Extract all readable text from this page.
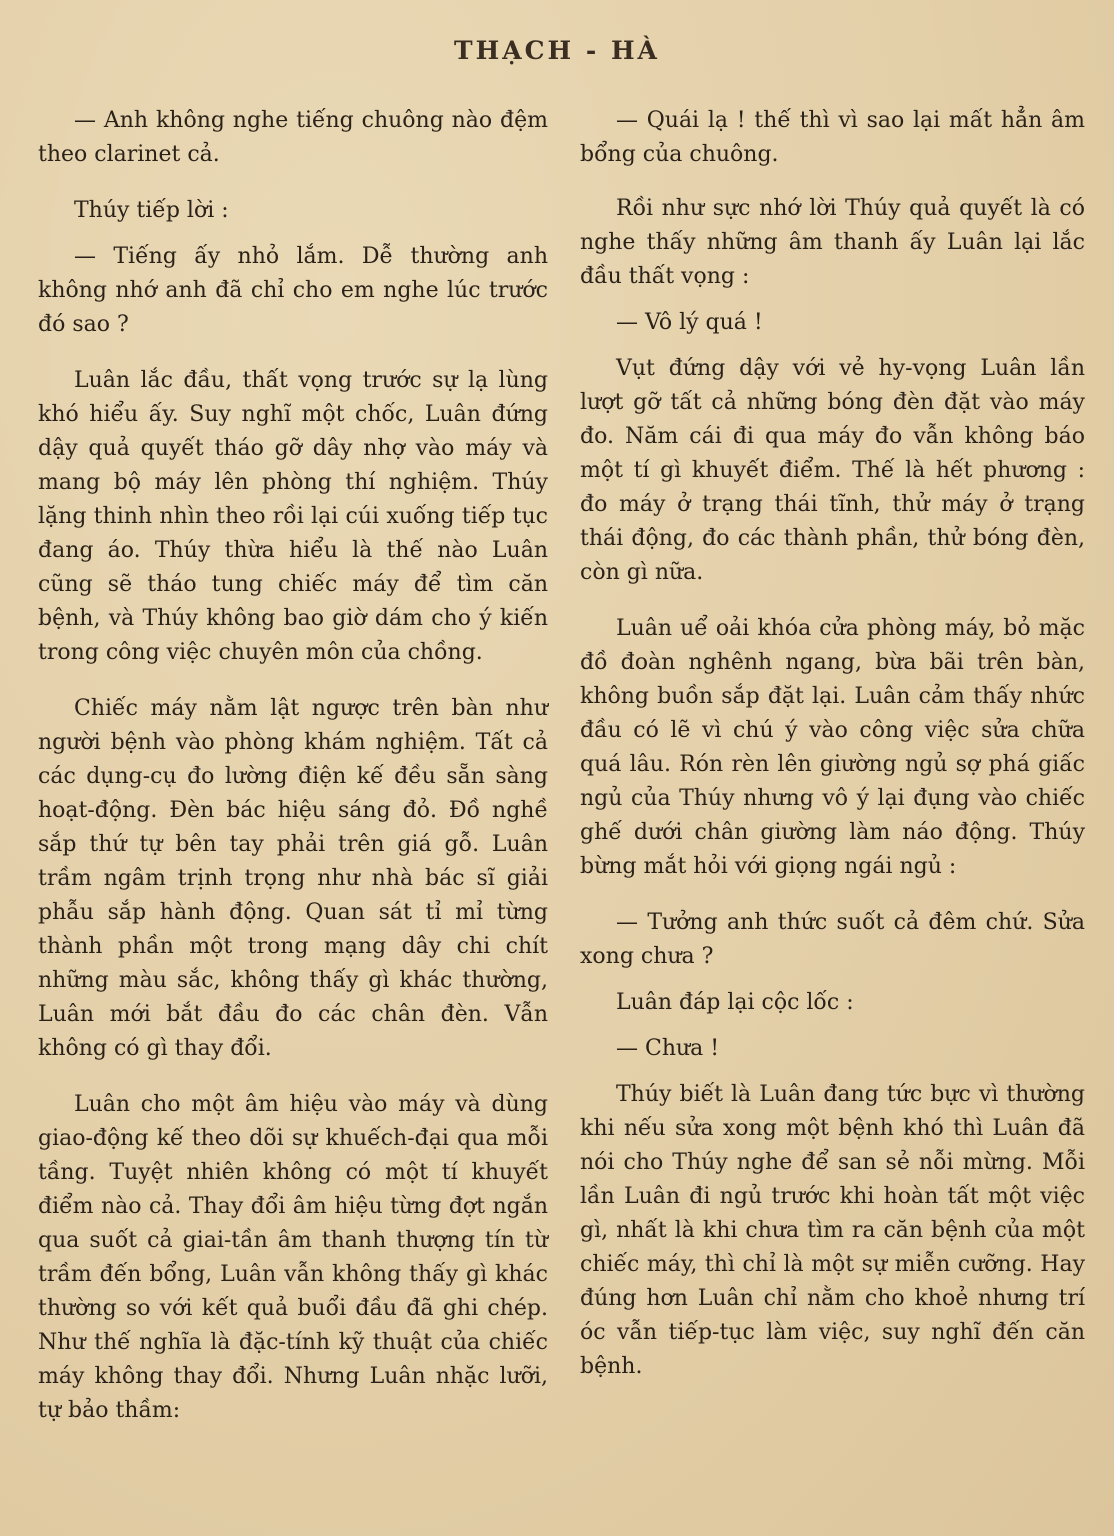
THẠCH - HÀ

— Anh không nghe tiếng chuông nào đệm theo clarinet cả.

Thúy tiếp lời :

— Tiếng ấy nhỏ lắm. Dễ thường anh không nhớ anh đã chỉ cho em nghe lúc trước đó sao ?

Luân lắc đầu, thất vọng trước sự lạ lùng khó hiểu ấy. Suy nghĩ một chốc, Luân đứng dậy quả quyết tháo gỡ dây nhợ vào máy và mang bộ máy lên phòng thí nghiệm. Thúy lặng thinh nhìn theo rồi lại cúi xuống tiếp tục đang áo. Thúy thừa hiểu là thế nào Luân cũng sẽ tháo tung chiếc máy để tìm căn bệnh, và Thúy không bao giờ dám cho ý kiến trong công việc chuyên môn của chồng.

Chiếc máy nằm lật ngược trên bàn như người bệnh vào phòng khám nghiệm. Tất cả các dụng-cụ đo lường điện kế đều sẵn sàng hoạt-động. Đèn bác hiệu sáng đỏ. Đồ nghề sắp thứ tự bên tay phải trên giá gỗ. Luân trầm ngâm trịnh trọng như nhà bác sĩ giải phẫu sắp hành động. Quan sát tỉ mỉ từng thành phần một trong mạng dây chi chít những màu sắc, không thấy gì khác thường, Luân mới bắt đầu đo các chân đèn. Vẫn không có gì thay đổi.

Luân cho một âm hiệu vào máy và dùng giao-động kế theo dõi sự khuếch-đại qua mỗi tầng. Tuyệt nhiên không có một tí khuyết điểm nào cả. Thay đổi âm hiệu từng đợt ngắn qua suốt cả giai-tần âm thanh thượng tín từ trầm đến bổng, Luân vẫn không thấy gì khác thường so với kết quả buổi đầu đã ghi chép. Như thế nghĩa là đặc-tính kỹ thuật của chiếc máy không thay đổi. Nhưng Luân nhặc lưỡi, tự bảo thầm:

— Quái lạ ! thế thì vì sao lại mất hẳn âm bổng của chuông.

Rồi như sực nhớ lời Thúy quả quyết là có nghe thấy những âm thanh ấy Luân lại lắc đầu thất vọng :

— Vô lý quá !

Vụt đứng dậy với vẻ hy-vọng Luân lần lượt gỡ tất cả những bóng đèn đặt vào máy đo. Năm cái đi qua máy đo vẫn không báo một tí gì khuyết điểm. Thế là hết phương : đo máy ở trạng thái tĩnh, thử máy ở trạng thái động, đo các thành phần, thử bóng đèn, còn gì nữa.

Luân uể oải khóa cửa phòng máy, bỏ mặc đồ đoàn nghênh ngang, bừa bãi trên bàn, không buồn sắp đặt lại. Luân cảm thấy nhức đầu có lẽ vì chú ý vào công việc sửa chữa quá lâu. Rón rèn lên giường ngủ sợ phá giấc ngủ của Thúy nhưng vô ý lại đụng vào chiếc ghế dưới chân giường làm náo động. Thúy bừng mắt hỏi với giọng ngái ngủ :

— Tưởng anh thức suốt cả đêm chứ. Sửa xong chưa ?

Luân đáp lại cộc lốc :

— Chưa !

Thúy biết là Luân đang tức bực vì thường khi nếu sửa xong một bệnh khó thì Luân đã nói cho Thúy nghe để san sẻ nỗi mừng. Mỗi lần Luân đi ngủ trước khi hoàn tất một việc gì, nhất là khi chưa tìm ra căn bệnh của một chiếc máy, thì chỉ là một sự miễn cưỡng. Hay đúng hơn Luân chỉ nằm cho khoẻ nhưng trí óc vẫn tiếp-tục làm việc, suy nghĩ đến căn bệnh.
